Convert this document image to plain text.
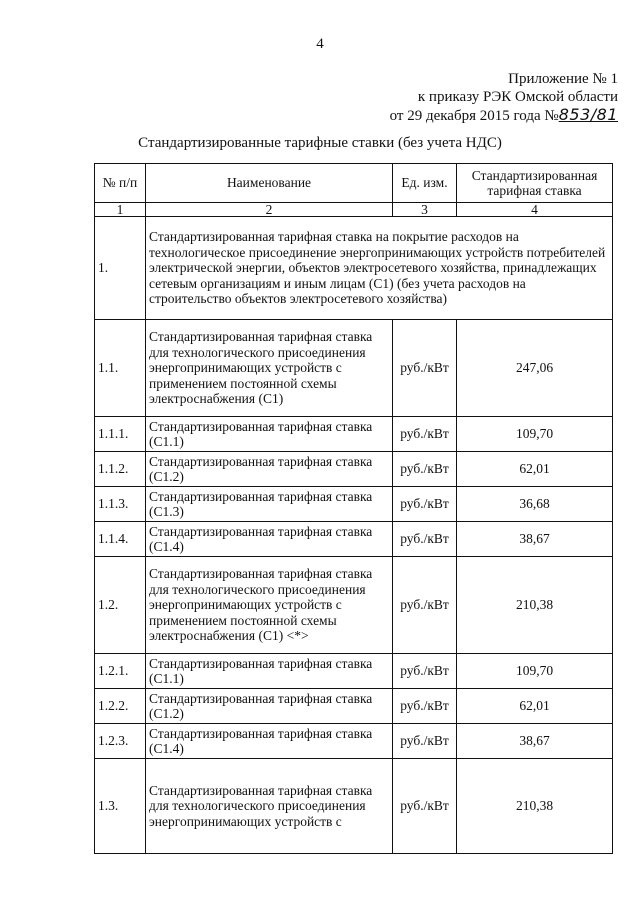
4
Приложение № 1
к приказу РЭК Омской области
от 29 декабря 2015 года №853/81
Стандартизированные тарифные ставки (без учета НДС)
№ п/п	Наименование	Ед. изм.	Стандартизированная тарифная ставка
1	2	3	4
1.	Стандартизированная тарифная ставка на покрытие расходов на технологическое присоединение энергопринимающих устройств потребителей электрической энергии, объектов электросетевого хозяйства, принадлежащих сетевым организациям и иным лицам (С1) (без учета расходов на строительство объектов электросетевого хозяйства)		
1.1.	Стандартизированная тарифная ставка для технологического присоединения энергопринимающих устройств с применением постоянной схемы электроснабжения (С1)	руб./кВт	247,06
1.1.1.	Стандартизированная тарифная ставка (С1.1)	руб./кВт	109,70
1.1.2.	Стандартизированная тарифная ставка (С1.2)	руб./кВт	62,01
1.1.3.	Стандартизированная тарифная ставка (С1.3)	руб./кВт	36,68
1.1.4.	Стандартизированная тарифная ставка (С1.4)	руб./кВт	38,67
1.2.	Стандартизированная тарифная ставка для технологического присоединения энергопринимающих устройств с применением постоянной схемы электроснабжения (С1) <*>	руб./кВт	210,38
1.2.1.	Стандартизированная тарифная ставка (С1.1)	руб./кВт	109,70
1.2.2.	Стандартизированная тарифная ставка (С1.2)	руб./кВт	62,01
1.2.3.	Стандартизированная тарифная ставка (С1.4)	руб./кВт	38,67
1.3.	Стандартизированная тарифная ставка для технологического присоединения энергопринимающих устройств с	руб./кВт	210,38
